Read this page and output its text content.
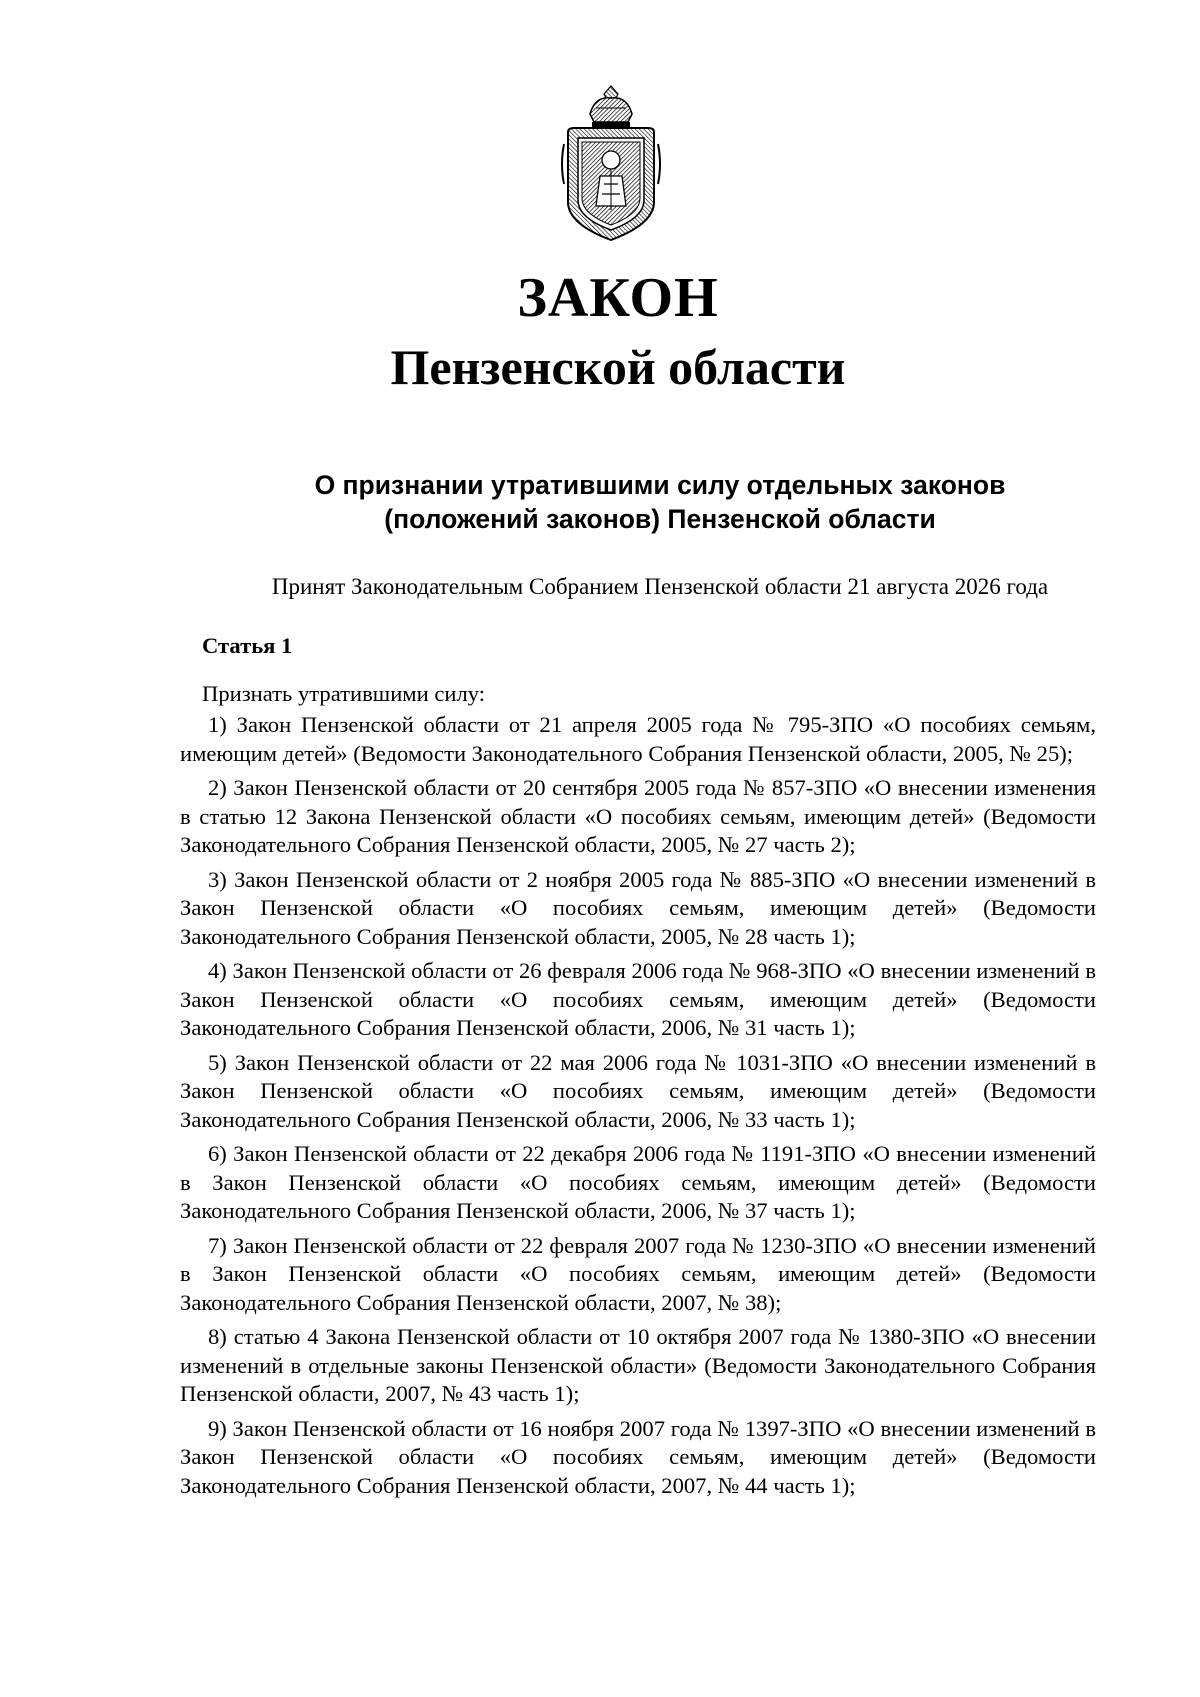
ЗАКОН
Пензенской области
О признании утратившими силу отдельных законов
(положений законов) Пензенской области

Принят Законодательным Собранием Пензенской области 21 августа 2026 года

Статья 1

Признать утратившими силу:

1) Закон Пензенской области от 21 апреля 2005 года № 795-ЗПО «О пособиях семьям, имеющим детей» (Ведомости Законодательного Собрания Пензенской области, 2005, № 25);

2) Закон Пензенской области от 20 сентября 2005 года № 857-ЗПО «О внесении изменения в статью 12 Закона Пензенской области «О пособиях семьям, имеющим детей» (Ведомости Законодательного Собрания Пензенской области, 2005, № 27 часть 2);

3) Закон Пензенской области от 2 ноября 2005 года № 885-ЗПО «О внесении изменений в Закон Пензенской области «О пособиях семьям, имеющим детей» (Ведомости Законодательного Собрания Пензенской области, 2005, № 28 часть 1);

4) Закон Пензенской области от 26 февраля 2006 года № 968-ЗПО «О внесении изменений в Закон Пензенской области «О пособиях семьям, имеющим детей» (Ведомости Законодательного Собрания Пензенской области, 2006, № 31 часть 1);

5) Закон Пензенской области от 22 мая 2006 года № 1031-ЗПО «О внесении изменений в Закон Пензенской области «О пособиях семьям, имеющим детей» (Ведомости Законодательного Собрания Пензенской области, 2006, № 33 часть 1);

6) Закон Пензенской области от 22 декабря 2006 года № 1191-ЗПО «О внесении изменений в Закон Пензенской области «О пособиях семьям, имеющим детей» (Ведомости Законодательного Собрания Пензенской области, 2006, № 37 часть 1);

7) Закон Пензенской области от 22 февраля 2007 года № 1230-ЗПО «О внесении изменений в Закон Пензенской области «О пособиях семьям, имеющим детей» (Ведомости Законодательного Собрания Пензенской области, 2007, № 38);

8) статью 4 Закона Пензенской области от 10 октября 2007 года № 1380-ЗПО «О внесении изменений в отдельные законы Пензенской области» (Ведомости Законодательного Собрания Пензенской области, 2007, № 43 часть 1);

9) Закон Пензенской области от 16 ноября 2007 года № 1397-ЗПО «О внесении изменений в Закон Пензенской области «О пособиях семьям, имеющим детей» (Ведомости Законодательного Собрания Пензенской области, 2007, № 44 часть 1);
